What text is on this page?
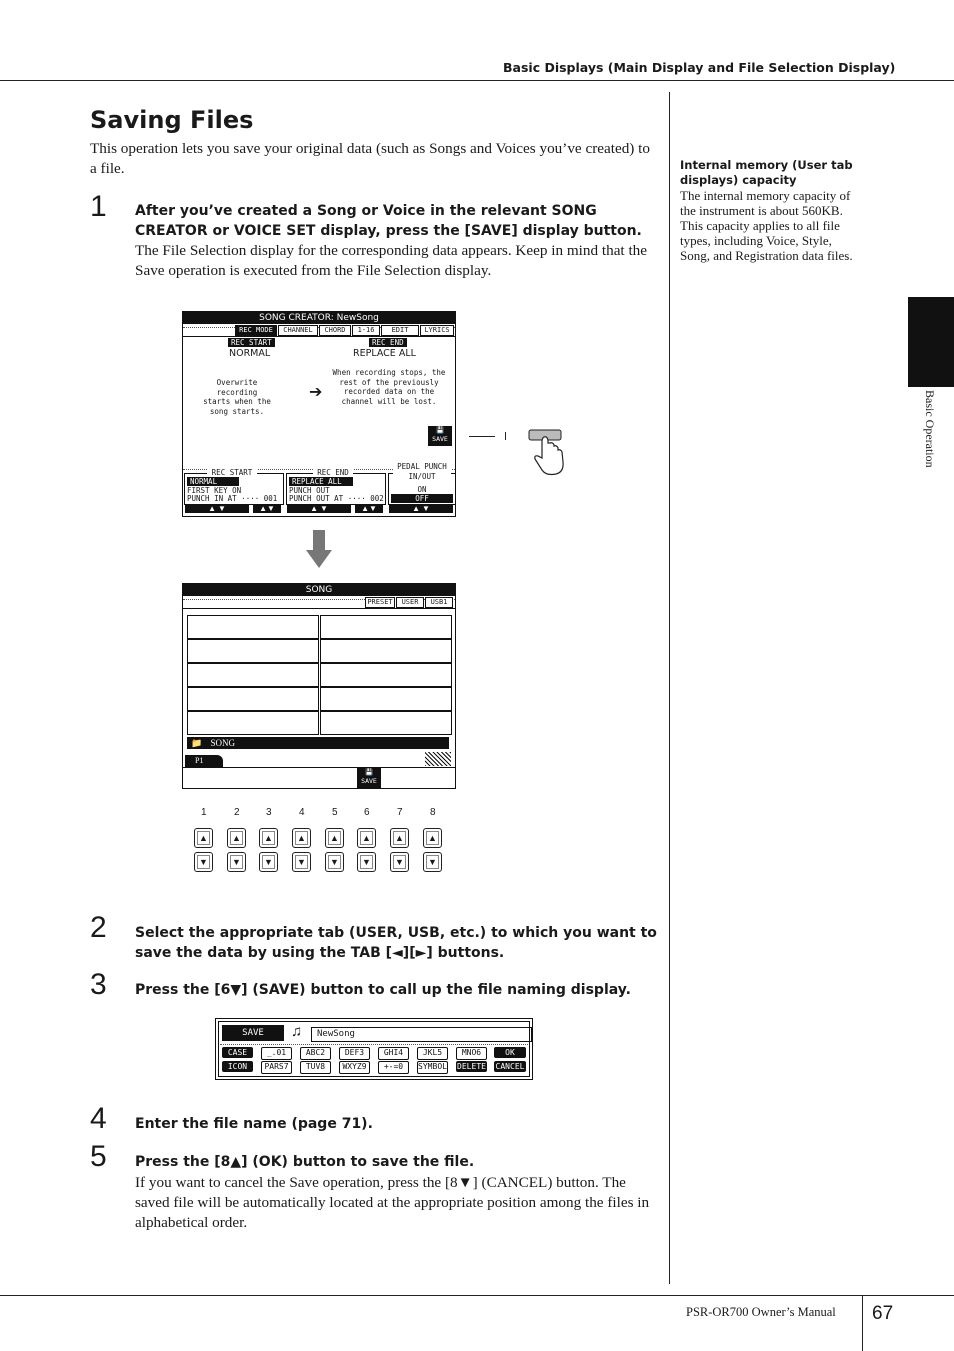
Basic Displays (Main Display and File Selection Display)
Saving Files
This operation lets you save your original data (such as Songs and Voices you’ve created) to a file.
1 After you’ve created a Song or Voice in the relevant SONG CREATOR or VOICE SET display, press the [SAVE] display button.
The File Selection display for the corresponding data appears. Keep in mind that the Save operation is executed from the File Selection display.
SONG CREATOR: NewSong
REC MODE	CHANNEL	CHORD	1-16	EDIT	LYRICS
REC START
NORMAL
REC END
REPLACE ALL
Overwrite recording starts when the song starts.
➔
When recording stops, the rest of the previously recorded data on the channel will be lost.
💾
SAVE
REC START
NORMAL
FIRST KEY ON
PUNCH IN AT ···· 001
REC END
REPLACE ALL
PUNCH OUT
PUNCH OUT AT ···· 002
PEDAL PUNCH IN/OUT
ON
OFF
▲ ▼	▲▼	▲ ▼	▲▼	▲ ▼
SONG
PRESET	USER	USB1
📁 SONG
P1
💾
SAVE
1	2	3	4	5	6	7	8
▲
▼
▲
▼
▲
▼
▲
▼
▲
▼
▲
▼
▲
▼
▲
▼
2 Select the appropriate tab (USER, USB, etc.) to which you want to save the data by using the TAB [◄][►] buttons.
3 Press the [6▼] (SAVE) button to call up the file naming display.
SAVE	♫	NewSong
CASE	_.01	ABC2	DEF3	GHI4	JKL5	MNO6	OK
ICON	PARS7	TUV8	WXYZ9	+-=0	SYMBOL DELETE CANCEL
4 Enter the file name (page 71).
5 Press the [8▲] (OK) button to save the file.
If you want to cancel the Save operation, press the [8▼] (CANCEL) button. The saved file will be automatically located at the appropriate position among the files in alphabetical order.
Internal memory (User tab displays) capacity
The internal memory capacity of the instrument is about 560KB. This capacity applies to all file types, including Voice, Style, Song, and Registration data files.
Basic Operation
PSR-OR700 Owner’s Manual 67
